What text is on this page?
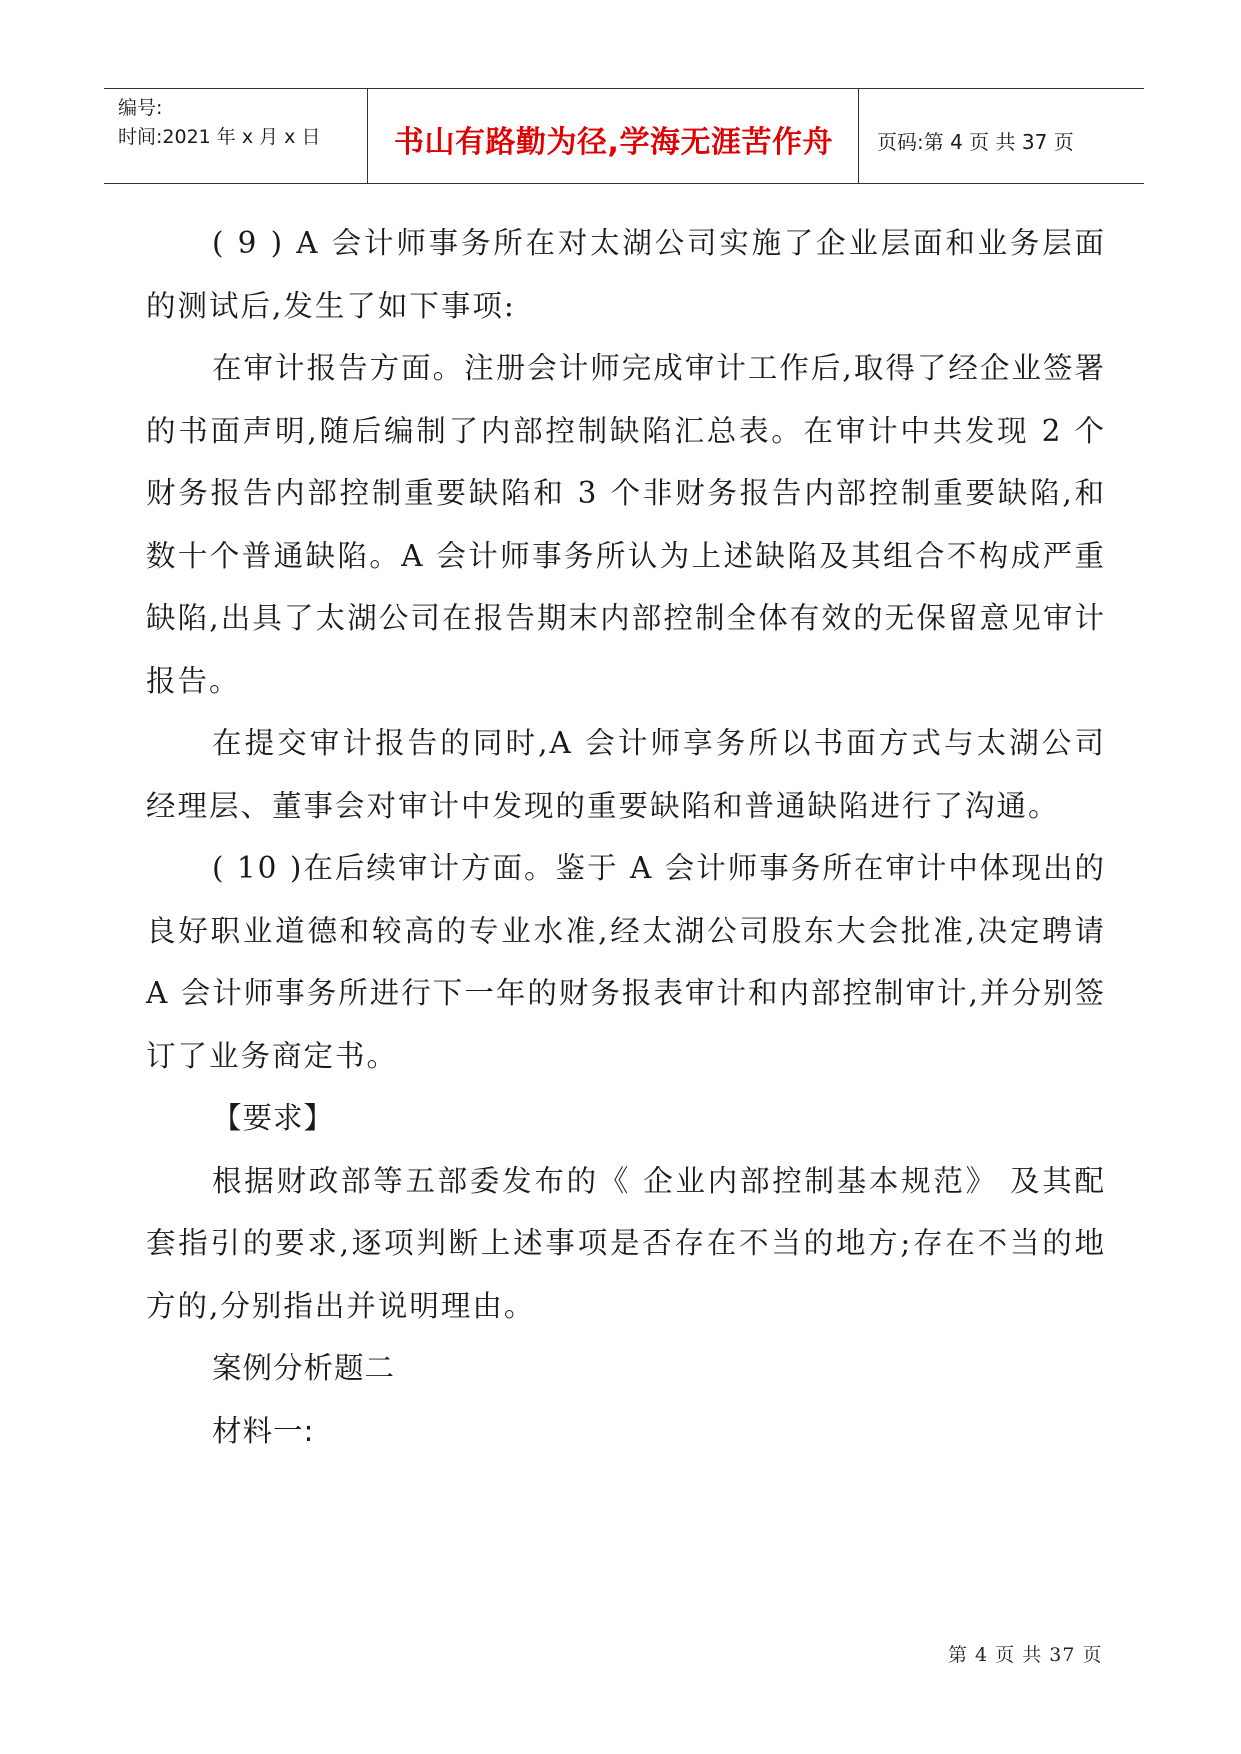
编号:
时间:2021 年 x 月 x 日	书山有路勤为径,学海无涯苦作舟	页码:第 4 页 共 37 页

( 9 ) A 会计师事务所在对太湖公司实施了企业层面和业务层面的测试后,发生了如下事项:

在审计报告方面。注册会计师完成审计工作后,取得了经企业签署的书面声明,随后编制了内部控制缺陷汇总表。在审计中共发现 2 个财务报告内部控制重要缺陷和 3 个非财务报告内部控制重要缺陷,和数十个普通缺陷。A 会计师事务所认为上述缺陷及其组合不构成严重缺陷,出具了太湖公司在报告期末内部控制全体有效的无保留意见审计报告。

在提交审计报告的同时,A 会计师享务所以书面方式与太湖公司经理层、董事会对审计中发现的重要缺陷和普通缺陷进行了沟通。

( 10 )在后续审计方面。鉴于 A 会计师事务所在审计中体现出的良好职业道德和较高的专业水准,经太湖公司股东大会批准,决定聘请 A 会计师事务所进行下一年的财务报表审计和内部控制审计,并分别签订了业务商定书。

【要求】

根据财政部等五部委发布的《 企业内部控制基本规范》 及其配套指引的要求,逐项判断上述事项是否存在不当的地方;存在不当的地方的,分别指出并说明理由。

案例分析题二

材料一:

第 4 页 共 37 页
